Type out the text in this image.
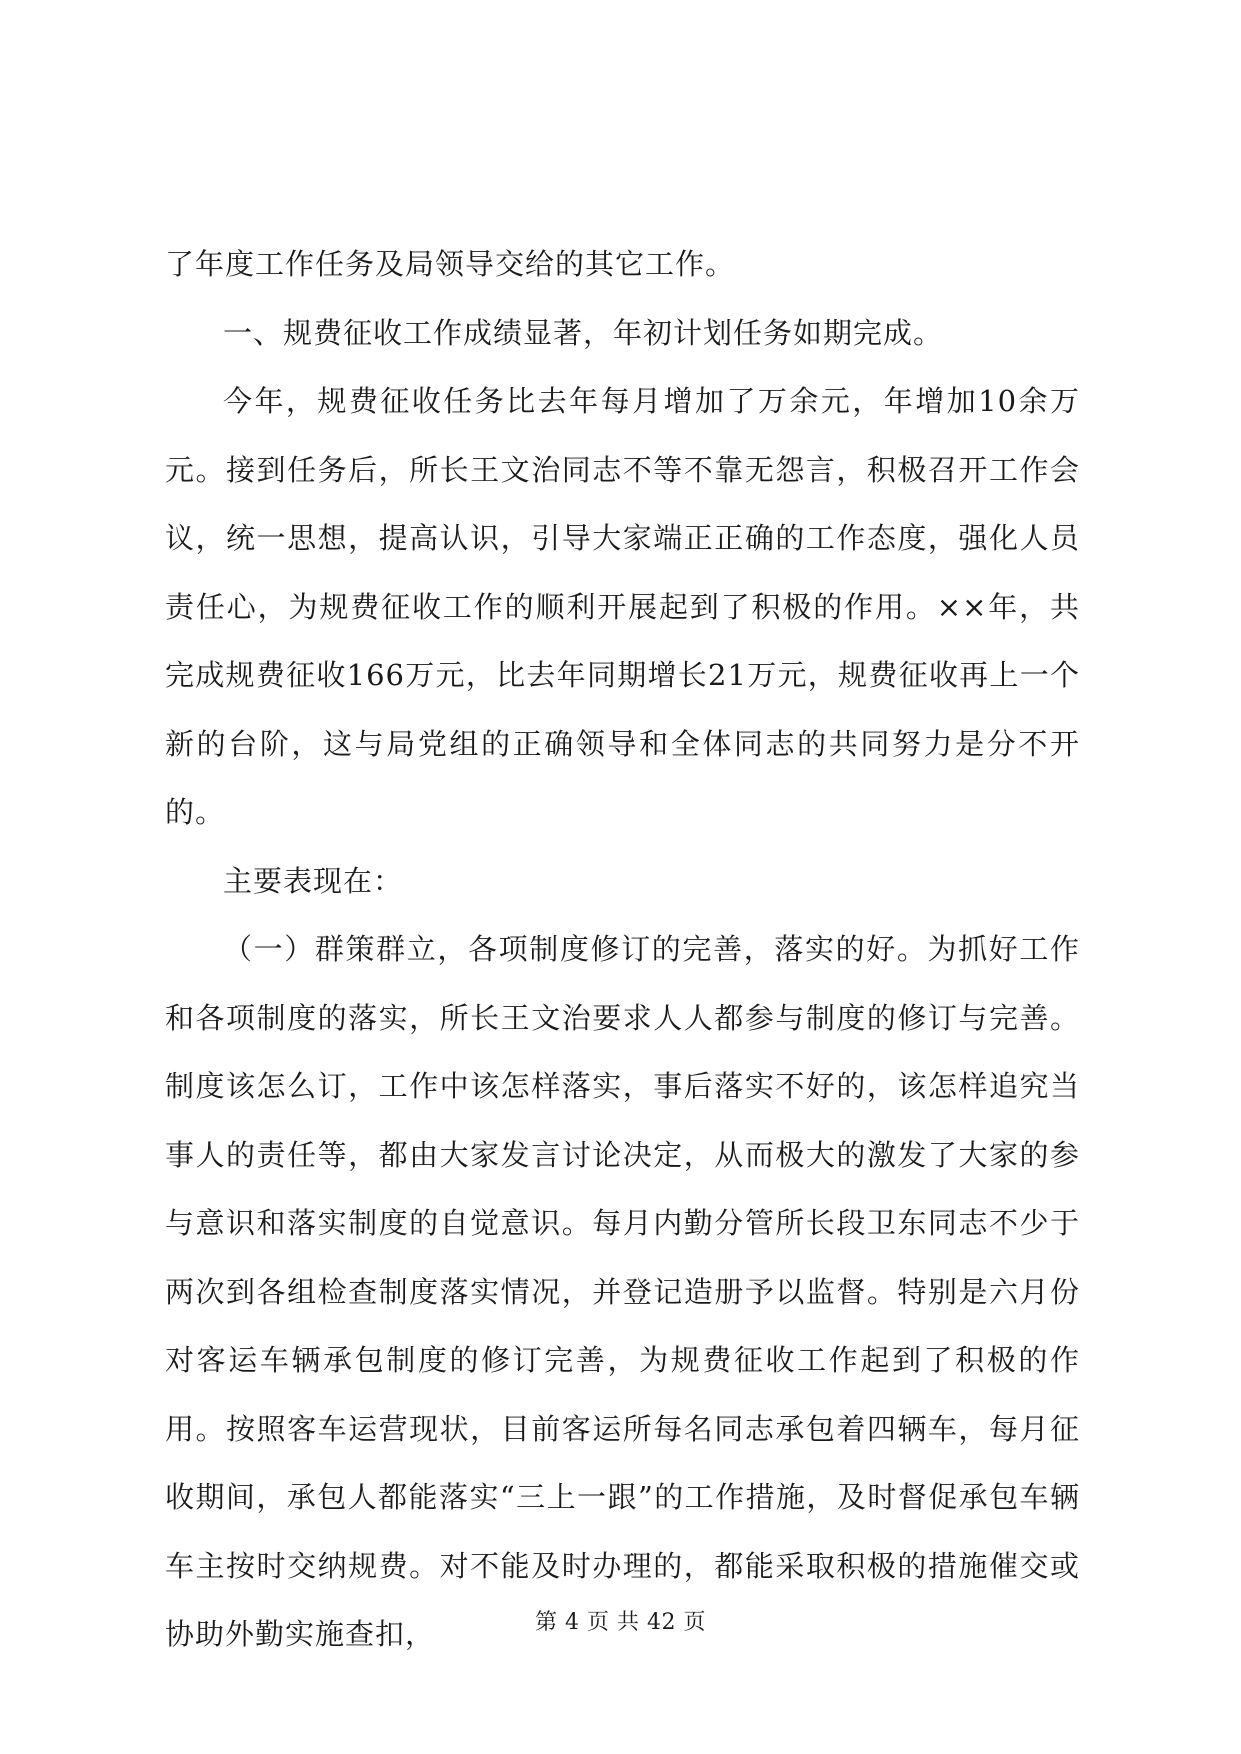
了年度工作任务及局领导交给的其它工作。

一、规费征收工作成绩显著，年初计划任务如期完成。

今年，规费征收任务比去年每月增加了万余元，年增加10余万元。接到任务后，所长王文治同志不等不靠无怨言，积极召开工作会议，统一思想，提高认识，引导大家端正正确的工作态度，强化人员责任心，为规费征收工作的顺利开展起到了积极的作用。××年，共完成规费征收166万元，比去年同期增长21万元，规费征收再上一个新的台阶，这与局党组的正确领导和全体同志的共同努力是分不开的。

主要表现在：

（一）群策群立，各项制度修订的完善，落实的好。为抓好工作和各项制度的落实，所长王文治要求人人都参与制度的修订与完善。制度该怎么订，工作中该怎样落实，事后落实不好的，该怎样追究当事人的责任等，都由大家发言讨论决定，从而极大的激发了大家的参与意识和落实制度的自觉意识。每月内勤分管所长段卫东同志不少于两次到各组检查制度落实情况，并登记造册予以监督。特别是六月份对客运车辆承包制度的修订完善，为规费征收工作起到了积极的作用。按照客车运营现状，目前客运所每名同志承包着四辆车，每月征收期间，承包人都能落实“三上一跟”的工作措施，及时督促承包车辆车主按时交纳规费。对不能及时办理的，都能采取积极的措施催交或协助外勤实施查扣，	第 4 页 共 42 页
